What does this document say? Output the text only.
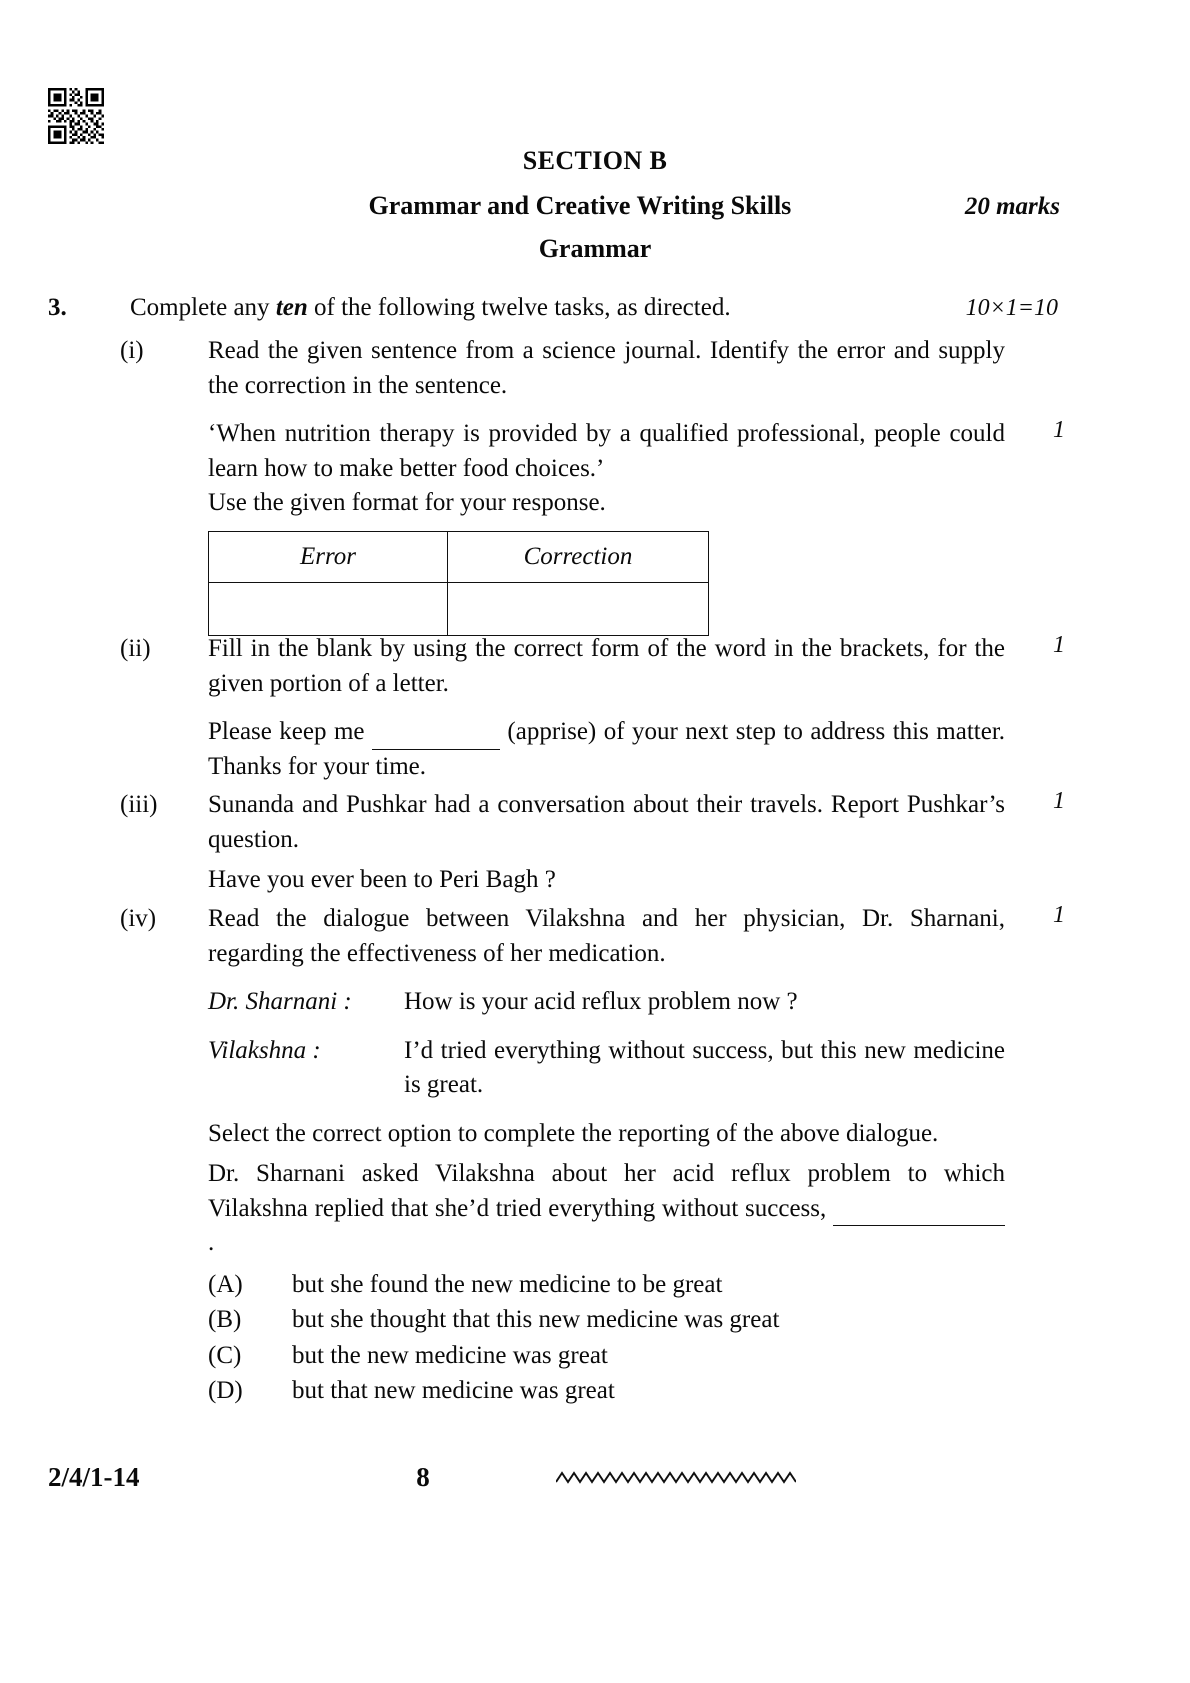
SECTION B
Grammar and Creative Writing Skills	20 marks
Grammar
3.	Complete any ten of the following twelve tasks, as directed.	10×1=10
(i)	Read the given sentence from a science journal. Identify the error and supply the correction in the sentence.

‘When nutrition therapy is provided by a qualified professional, people could learn how to make better food choices.’

1

Use the given format for your response.

Error	Correction

(ii)	Fill in the blank by using the correct form of the word in the brackets, for the given portion of a letter.

1

Please keep me	(apprise) of your next step to address this matter. Thanks for your time.

(iii)	Sunanda and Pushkar had a conversation about their travels. Report Pushkar’s question.

1

Have you ever been to Peri Bagh ?

(iv)	Read the dialogue between Vilakshna and her physician, Dr. Sharnani, regarding the effectiveness of her medication.

1
Dr. Sharnani :	How is your acid reflux problem now ?
Vilakshna :	I’d tried everything without success, but this new medicine is great.

Select the correct option to complete the reporting of the above dialogue.

Dr. Sharnani asked Vilakshna about her acid reflux problem to which Vilakshna replied that she’d tried everything without success, .

(A)	but she found the new medicine to be great
(B)	but she thought that this new medicine was great
(C)	but the new medicine was great
(D)	but that new medicine was great
2/4/1-14	8
